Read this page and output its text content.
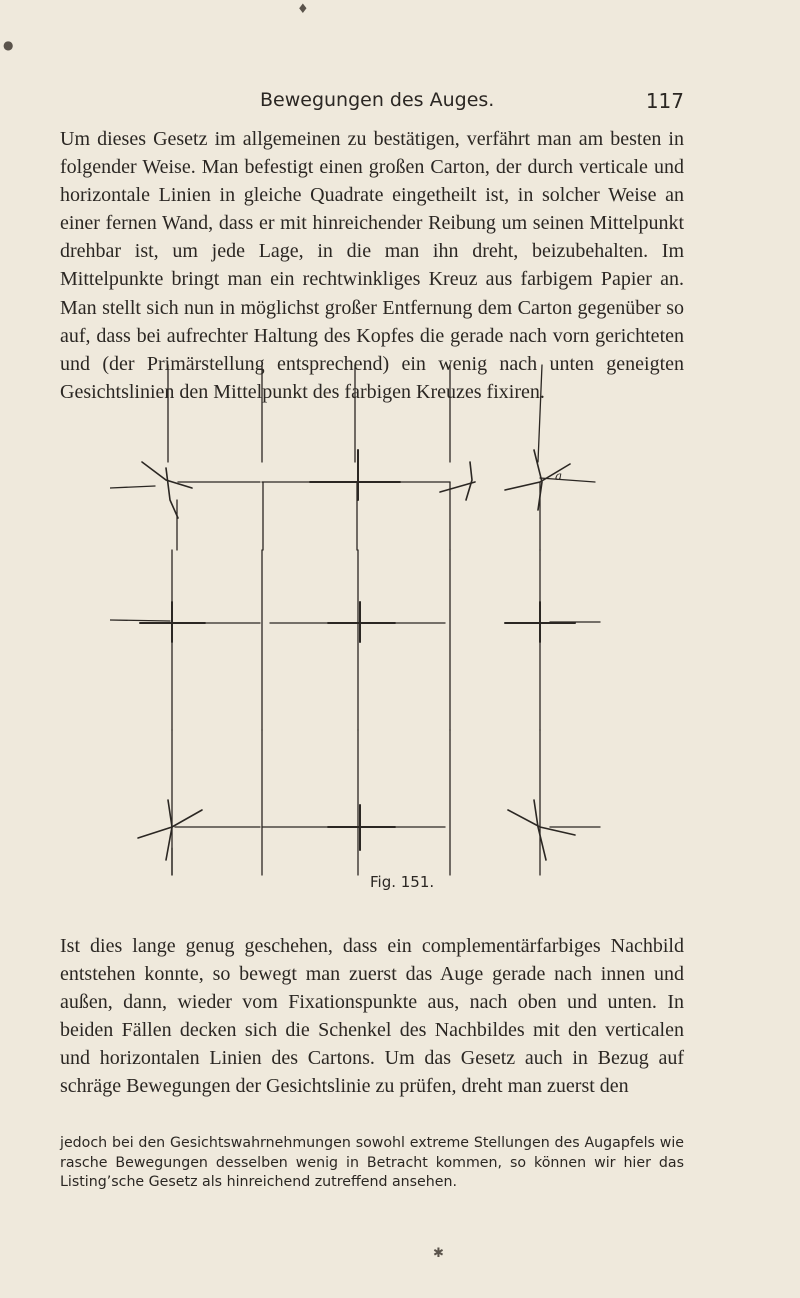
♦
●
Bewegungen des Auges.	117
Um dieses Gesetz im allgemeinen zu bestätigen, verfährt man am besten in folgender Weise. Man befestigt einen großen Carton, der durch verticale und horizontale Linien in gleiche Quadrate eingetheilt ist, in solcher Weise an einer fernen Wand, dass er mit hinreichender Reibung um seinen Mittelpunkt drehbar ist, um jede Lage, in die man ihn dreht, beizubehalten. Im Mittelpunkte bringt man ein rechtwinkliges Kreuz aus farbigem Papier an. Man stellt sich nun in möglichst großer Entfernung dem Carton gegenüber so auf, dass bei aufrechter Haltung des Kopfes die gerade nach vorn gerichteten und (der Primärstellung entsprechend) ein wenig nach unten geneigten Gesichtslinien den Mittelpunkt des farbigen Kreuzes fixiren.
a
Fig. 151.
Ist dies lange genug geschehen, dass ein complementärfarbiges Nachbild entstehen konnte, so bewegt man zuerst das Auge gerade nach innen und außen, dann, wieder vom Fixationspunkte aus, nach oben und unten. In beiden Fällen decken sich die Schenkel des Nachbildes mit den verticalen und horizontalen Linien des Cartons. Um das Gesetz auch in Bezug auf schräge Bewegungen der Gesichtslinie zu prüfen, dreht man zuerst den
jedoch bei den Gesichtswahrnehmungen sowohl extreme Stellungen des Augapfels wie rasche Bewegungen desselben wenig in Betracht kommen, so können wir hier das Listing’sche Gesetz als hinreichend zutreffend ansehen.
✱
